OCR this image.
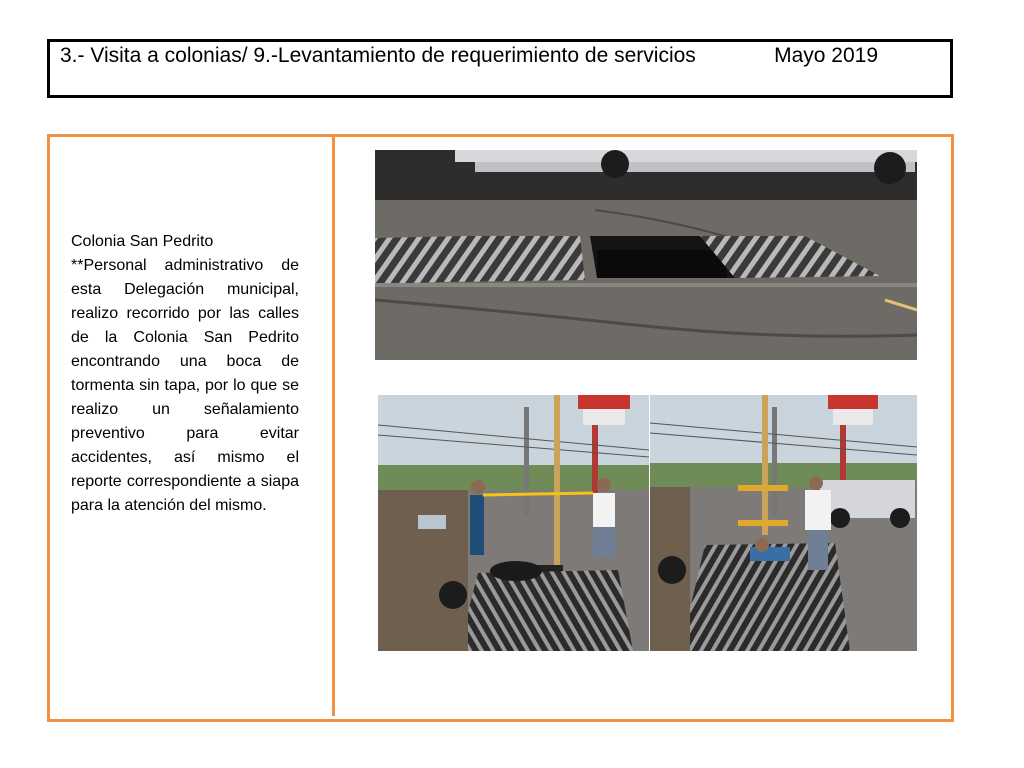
3.- Visita a colonias/ 9.-Levantamiento de requerimiento de servicios	Mayo 2019
Colonia San Pedrito
**Personal administrativo de esta Delegación municipal, realizo recorrido por las calles de la Colonia San Pedrito encontrando una boca de tormenta sin tapa, por lo que se realizo un señalamiento preventivo para evitar accidentes, así mismo el reporte correspondiente a siapa para la atención del mismo.
